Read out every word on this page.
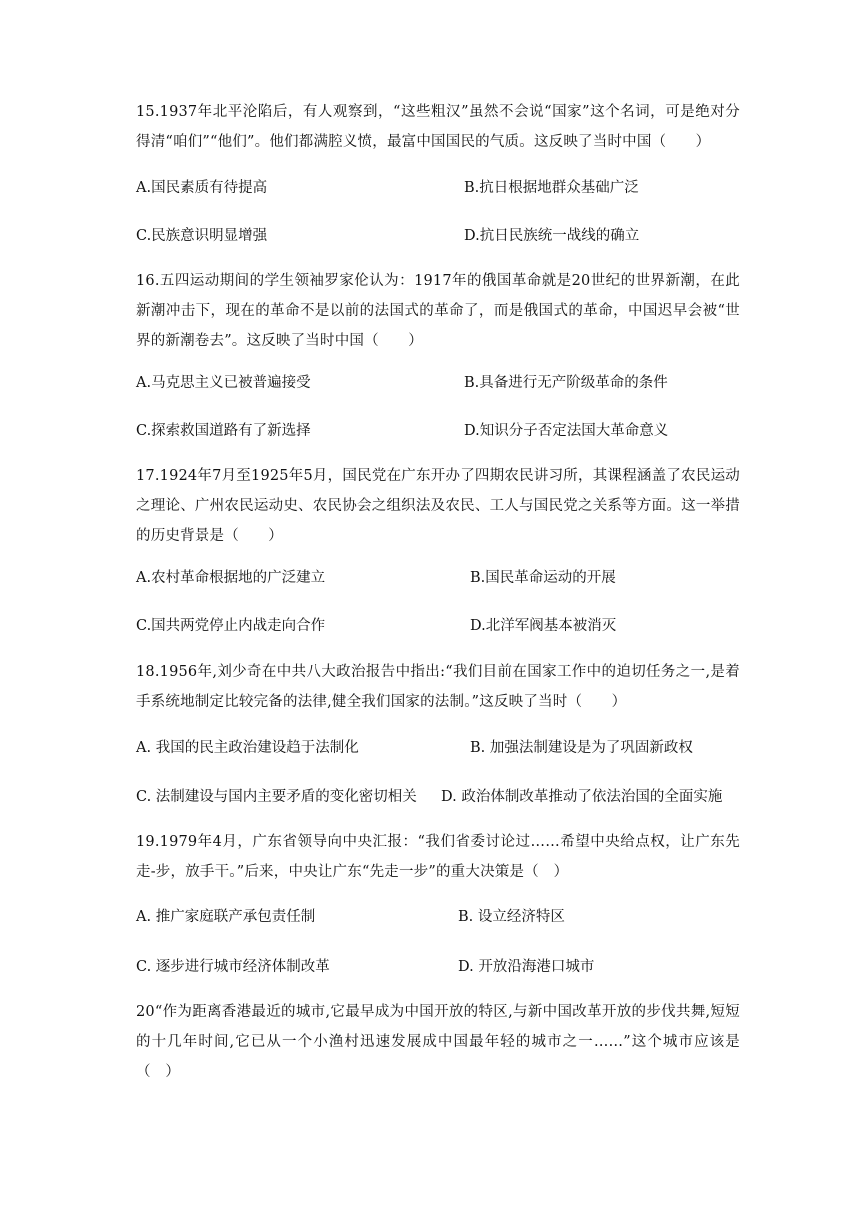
15.1937年北平沦陷后，有人观察到，“这些粗汉”虽然不会说“国家”这个名词，可是绝对分得清“咱们”“他们”。他们都满腔义愤，最富中国国民的气质。这反映了当时中国（　　）
A.国民素质有待提高	B.抗日根据地群众基础广泛
C.民族意识明显增强	D.抗日民族统一战线的确立
16.五四运动期间的学生领袖罗家伦认为：1917年的俄国革命就是20世纪的世界新潮，在此新潮冲击下，现在的革命不是以前的法国式的革命了，而是俄国式的革命，中国迟早会被“世界的新潮卷去”。这反映了当时中国（　　）
A.马克思主义已被普遍接受	B.具备进行无产阶级革命的条件
C.探索救国道路有了新选择	D.知识分子否定法国大革命意义
17.1924年7月至1925年5月，国民党在广东开办了四期农民讲习所，其课程涵盖了农民运动之理论、广州农民运动史、农民协会之组织法及农民、工人与国民党之关系等方面。这一举措的历史背景是（　　）
A.农村革命根据地的广泛建立	B.国民革命运动的开展
C.国共两党停止内战走向合作	D.北洋军阀基本被消灭
18.1956年,刘少奇在中共八大政治报告中指出:“我们目前在国家工作中的迫切任务之一,是着手系统地制定比较完备的法律,健全我们国家的法制。”这反映了当时（　　）
A. 我国的民主政治建设趋于法制化	B. 加强法制建设是为了巩固新政权
C. 法制建设与国内主要矛盾的变化密切相关 D. 政治体制改革推动了依法治国的全面实施
19.1979年4月，广东省领导向中央汇报：“我们省委讨论过……希望中央给点权，让广东先走-步，放手干。”后来，中央让广东“先走一步”的重大决策是（　）
A. 推广家庭联产承包责任制	B. 设立经济特区
C. 逐步进行城市经济体制改革	D. 开放沿海港口城市
20“作为距离香港最近的城市,它最早成为中国开放的特区,与新中国改革开放的步伐共舞,短短的十几年时间,它已从一个小渔村迅速发展成中国最年轻的城市之一……”这个城市应该是（　）
